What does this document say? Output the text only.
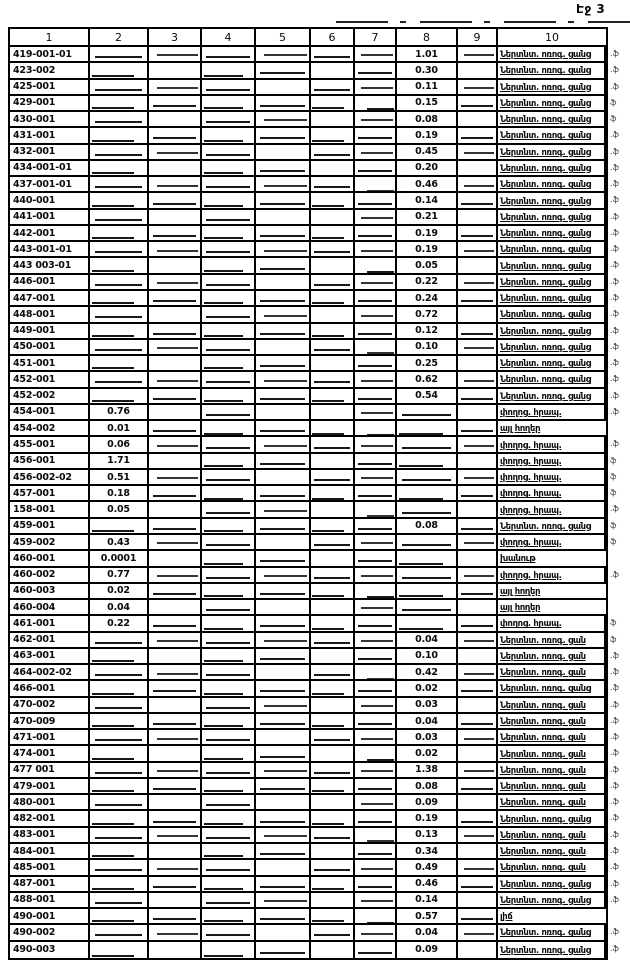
Էջ 3
1	2	3	4	5	6	7	8	9	10
419-001-01	1.01	Ներտնտ. ոռոգ. ցանց .ֆ
423-002	0.30	Ներտնտ. ոռոգ. ցանց .ֆ
425-001	0.11	Ներտնտ. ոռոգ. ցանց .ֆ
429-001	0.15	Ներտնտ. ոռոգ. ցանց ֆ
430-001	0.08	Ներտնտ. ոռոգ. ցանց ֆ
431-001	0.19	Ներտնտ. ոռոգ. ցանց .ֆ
432-001	0.45	Ներտնտ. ոռոգ. ցանց .ֆ
434-001-01	0.20	Ներտնտ. ոռոգ. ցանց .ֆ
437-001-01	0.46	Ներտնտ. ոռոգ. ցանց .ֆ
440-001	0.14	Ներտնտ. ոռոգ. ցանց .ֆ
441-001	0.21	Ներտնտ. ոռոգ. ցանց .ֆ
442-001	0.19	Ներտնտ. ոռոգ. ցանց .ֆ
443-001-01	0.19	Ներտնտ. ոռոգ. ցանց .ֆ
443 003-01	0.05	Ներտնտ. ոռոգ. ցանց .ֆ
446-001	0.22	Ներտնտ. ոռոգ. ցանց .ֆ
447-001	0.24	Ներտնտ. ոռոգ. ցանց .ֆ
448-001	0.72	Ներտնտ. ոռոգ. ցանց .ֆ
449-001	0.12	Ներտնտ. ոռոգ. ցանց .ֆ
450-001	0.10	Ներտնտ. ոռոգ. ցանց .ֆ
451-001	0.25	Ներտնտ. ոռոգ. ցանց .ֆ
452-001	0.62	Ներտնտ. ոռոգ. ցանց .ֆ
452-002	0.54	Ներտնտ. ոռոգ. ցանց .ֆ
454-001	0.76	փողոց. հրապ.	.ֆ
454-002	0.01	այլ հողեր
455-001	0.06	փողոց. հրապ.	.ֆ
456-001	1.71	փողոց. հրապ.	ֆ
456-002-02	0.51	փողոց. հրապ.	ֆ
457-001	0.18	փողոց. հրապ.	ֆ
158-001	0.05	փողոց. հրապ.	.ֆ
459-001	0.08	Ներտնտ. ոռոգ. ցանց ֆ
459-002	0.43	փողոց. հրապ.	ֆ
460-001	0.0001	խանութ
460-002	0.77	փողոց. հրապ.	.ֆ
460-003	0.02	այլ հողեր
460-004	0.04	այլ հողեր
461-001	0.22	փողոց. հրապ.	ֆ
462-001	0.04	Ներտնտ. ոռոգ. ցան	ֆ
463-001	0.10	Ներտնտ. ոռոգ. ցան	.ֆ
464-002-02	0.42	Ներտնտ. ոռոգ. ցան	.ֆ
466-001	0.02	Ներտնտ. ոռոգ. ցանց .ֆ
470-002	0.03	Ներտնտ. ոռոգ. ցան	.ֆ
470-009	0.04	Ներտնտ. ոռոգ. ցան	.ֆ
471-001	0.03	Ներտնտ. ոռոգ. ցան	.ֆ
474-001	0.02	Ներտնտ. ոռոգ. ցան	.ֆ
477 001	1.38	Ներտնտ. ոռոգ. ցան	.ֆ
479-001	0.08	Ներտնտ. ոռոգ. ցան	.ֆ
480-001	0.09	Ներտնտ. ոռոգ. ցան	.ֆ
482-001	0.19	Ներտնտ. ոռոգ. ցանց .ֆ
483-001	0.13	Ներտնտ. ոռոգ. ցան	.ֆ
484-001	0.34	Ներտնտ. ոռոգ. ցան	.ֆ
485-001	0.49	Ներտնտ. ոռոգ. ցան	.ֆ
487-001	0.46	Ներտնտ. ոռոգ. ցանց .ֆ
488-001	0.14	Ներտնտ. ոռոգ. ցանց .ֆ
490-001	0.57	լիճ
490-002	0.04	Ներտնտ. ոռոգ. ցանց .ֆ
490-003	0.09	Ներտնտ. ոռոգ. ցանց .ֆ
